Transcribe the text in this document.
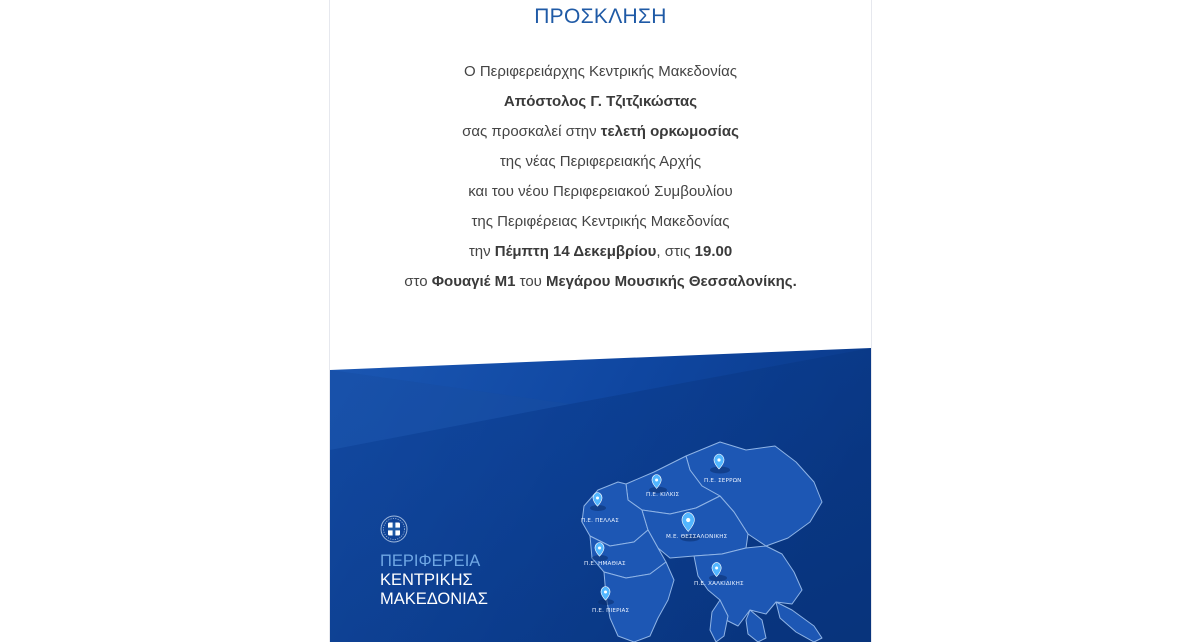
ΠΡΟΣΚΛΗΣΗ
Ο Περιφερειάρχης Κεντρικής Μακεδονίας
Απόστολος Γ. Τζιτζικώστας
σας προσκαλεί στην τελετή ορκωμοσίας
της νέας Περιφερειακής Αρχής
και του νέου Περιφερειακού Συμβουλίου
της Περιφέρειας Κεντρικής Μακεδονίας
την Πέμπτη 14 Δεκεμβρίου, στις 19.00
στο Φουαγιέ Μ1 του Μεγάρου Μουσικής Θεσσαλονίκης.
ΠΕΡΙΦΕΡΕΙΑ
ΚΕΝΤΡΙΚΗΣ
ΜΑΚΕΔΟΝΙΑΣ
Π.Ε. ΣΕΡΡΩΝ
Π.Ε. ΚΙΛΚΙΣ
Π.Ε. ΠΕΛΛΑΣ
Μ.Ε. ΘΕΣΣΑΛΟΝΙΚΗΣ
Π.Ε. ΗΜΑΘΙΑΣ
Π.Ε. ΧΑΛΚΙΔΙΚΗΣ
Π.Ε. ΠΙΕΡΙΑΣ
